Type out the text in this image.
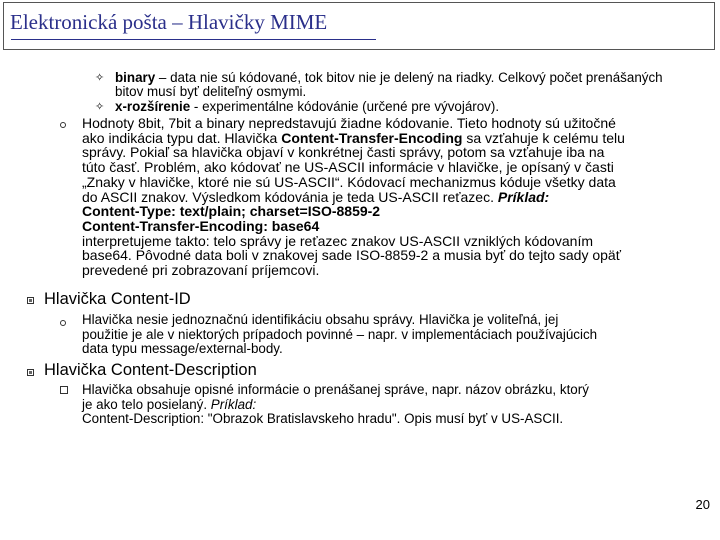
Elektronická pošta – Hlavičky MIME
✧ binary – data nie sú kódované, tok bitov nie je delený na riadky. Celkový počet prenášaných
bitov musí byť deliteľný osmymi.
✧ x-rozšírenie - experimentálne kódovánie (určené pre vývojárov).
Hodnoty 8bit, 7bit a binary nepredstavujú žiadne kódovanie. Tieto hodnoty sú užitočné
ako indikácia typu dat. Hlavička Content-Transfer-Encoding sa vzťahuje k celému telu
správy. Pokiaľ sa hlavička objaví v konkrétnej časti správy, potom sa vzťahuje iba na
túto časť. Problém, ako kódovať ne US-ASCII informácie v hlavičke, je opísaný v časti
„Znaky v hlavičke, ktoré nie sú US-ASCII“. Kódovací mechanizmus kóduje všetky data
do ASCII znakov. Výsledkom kódovánia je teda US-ASCII reťazec. Príklad:
Content-Type: text/plain; charset=ISO-8859-2
Content-Transfer-Encoding: base64
interpretujeme takto: telo správy je reťazec znakov US-ASCII vzniklých kódovaním
base64. Pôvodné data boli v znakovej sade ISO-8859-2 a musia byť do tejto sady opäť
prevedené pri zobrazovaní príjemcovi.
Hlavička Content-ID
Hlavička nesie jednoznačnú identifikáciu obsahu správy. Hlavička je voliteľná, jej
použitie je ale v niektorých prípadoch povinné – napr. v implementáciach používajúcich
data typu message/external-body.
Hlavička Content-Description
Hlavička obsahuje opisné informácie o prenášanej správe, napr. názov obrázku, ktorý
je ako telo posielaný. Príklad:
Content-Description: "Obrazok Bratislavskeho hradu". Opis musí byť v US-ASCII.
20
